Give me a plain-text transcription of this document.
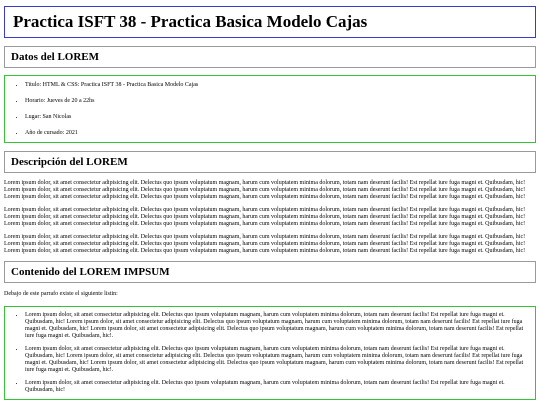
Practica ISFT 38 - Practica Basica Modelo Cajas
Datos del LOREM
• Titulo: HTML & CSS: Practica ISFT 38 - Practica Basica Modelo Cajas
• Horario: Jueves de 20 a 22hs
• Lugar: San Nicolas
• Año de cursado: 2021
Descripción del LOREM

Lorem ipsum dolor, sit amet consectetur adipisicing elit. Delectus quo ipsum voluptatum magnam, harum cum voluptatem minima dolorum, totam nam deserunt facilis! Est repellat iure fuga magni et. Quibusdam, hic! Lorem ipsum dolor, sit amet consectetur adipisicing elit. Delectus quo ipsum voluptatum magnam, harum cum voluptatem minima dolorum, totam nam deserunt facilis! Est repellat iure fuga magni et. Quibusdam, hic! Lorem ipsum dolor, sit amet consectetur adipisicing elit. Delectus quo ipsum voluptatum magnam, harum cum voluptatem minima dolorum, totam nam deserunt facilis! Est repellat iure fuga magni et. Quibusdam, hic!

Lorem ipsum dolor, sit amet consectetur adipisicing elit. Delectus quo ipsum voluptatum magnam, harum cum voluptatem minima dolorum, totam nam deserunt facilis! Est repellat iure fuga magni et. Quibusdam, hic! Lorem ipsum dolor, sit amet consectetur adipisicing elit. Delectus quo ipsum voluptatum magnam, harum cum voluptatem minima dolorum, totam nam deserunt facilis! Est repellat iure fuga magni et. Quibusdam, hic! Lorem ipsum dolor, sit amet consectetur adipisicing elit. Delectus quo ipsum voluptatum magnam, harum cum voluptatem minima dolorum, totam nam deserunt facilis! Est repellat iure fuga magni et. Quibusdam, hic!

Lorem ipsum dolor, sit amet consectetur adipisicing elit. Delectus quo ipsum voluptatum magnam, harum cum voluptatem minima dolorum, totam nam deserunt facilis! Est repellat iure fuga magni et. Quibusdam, hic! Lorem ipsum dolor, sit amet consectetur adipisicing elit. Delectus quo ipsum voluptatum magnam, harum cum voluptatem minima dolorum, totam nam deserunt facilis! Est repellat iure fuga magni et. Quibusdam, hic! Lorem ipsum dolor, sit amet consectetur adipisicing elit. Delectus quo ipsum voluptatum magnam, harum cum voluptatem minima dolorum, totam nam deserunt facilis! Est repellat iure fuga magni et. Quibusdam, hic!

Contenido del LOREM IMPSUM

Debajo de este parrafo existe el siguiente listin:

• Lorem ipsum dolor, sit amet consectetur adipisicing elit. Delectus quo ipsum voluptatum magnam, harum cum voluptatem minima dolorum, totam nam deserunt facilis! Est repellat iure fuga magni et. Quibusdam, hic! Lorem ipsum dolor, sit amet consectetur adipisicing elit. Delectus quo ipsum voluptatum magnam, harum cum voluptatem minima dolorum, totam nam deserunt facilis! Est repellat iure fuga magni et. Quibusdam, hic! Lorem ipsum dolor, sit amet consectetur adipisicing elit. Delectus quo ipsum voluptatum magnam, harum cum voluptatem minima dolorum, totam nam deserunt facilis! Est repellat iure fuga magni et. Quibusdam, hic!.
• Lorem ipsum dolor, sit amet consectetur adipisicing elit. Delectus quo ipsum voluptatum magnam, harum cum voluptatem minima dolorum, totam nam deserunt facilis! Est repellat iure fuga magni et. Quibusdam, hic! Lorem ipsum dolor, sit amet consectetur adipisicing elit. Delectus quo ipsum voluptatum magnam, harum cum voluptatem minima dolorum, totam nam deserunt facilis! Est repellat iure fuga magni et. Quibusdam, hic! Lorem ipsum dolor, sit amet consectetur adipisicing elit. Delectus quo ipsum voluptatum magnam, harum cum voluptatem minima dolorum, totam nam deserunt facilis! Est repellat iure fuga magni et. Quibusdam, hic!.
• Lorem ipsum dolor, sit amet consectetur adipisicing elit. Delectus quo ipsum voluptatum magnam, harum cum voluptatem minima dolorum, totam nam deserunt facilis! Est repellat iure fuga magni et. Quibusdam, hic!
